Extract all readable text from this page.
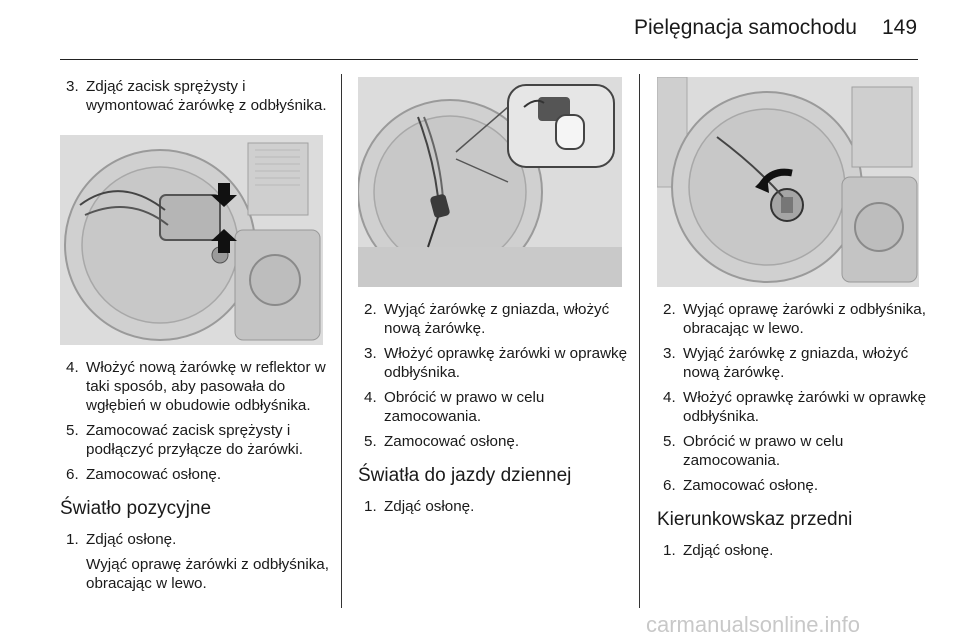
Pielęgnacja samochodu 149
3. Zdjąć zacisk sprężysty i wymontować żarówkę z odbłyśnika.
4. Włożyć nową żarówkę w reflektor w taki sposób, aby pasowała do wgłębień w obudowie odbłyśnika.
5. Zamocować zacisk sprężysty i podłączyć przyłącze do żarówki.
6. Zamocować osłonę.
Światło pozycyjne
1. Zdjąć osłonę.
Wyjąć oprawę żarówki z odbłyśnika, obracając w lewo.
2. Wyjąć żarówkę z gniazda, włożyć nową żarówkę.
3. Włożyć oprawkę żarówki w oprawkę odbłyśnika.
4. Obrócić w prawo w celu zamocowania.
5. Zamocować osłonę.
Światła do jazdy dziennej
1. Zdjąć osłonę.
2. Wyjąć oprawę żarówki z odbłyśnika, obracając w lewo.
3. Wyjąć żarówkę z gniazda, włożyć nową żarówkę.
4. Włożyć oprawkę żarówki w oprawkę odbłyśnika.
5. Obrócić w prawo w celu zamocowania.
6. Zamocować osłonę.
Kierunkowskaz przedni
1. Zdjąć osłonę.
carmanualsonline.info
